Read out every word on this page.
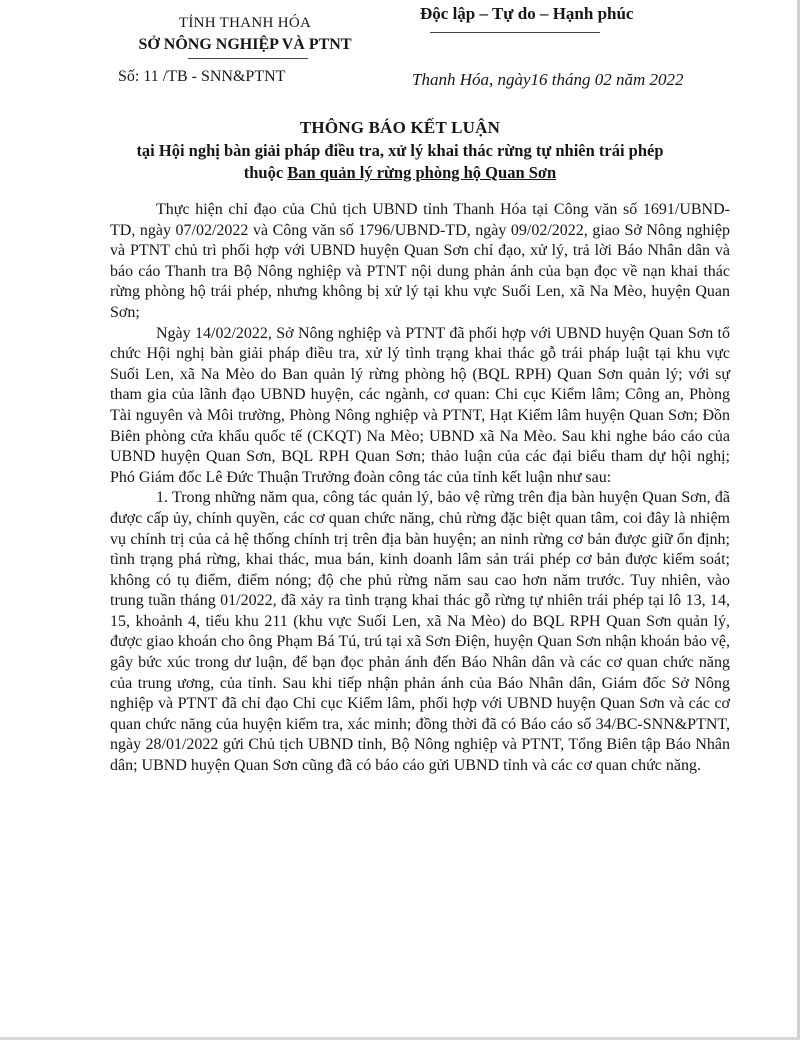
TỈNH THANH HÓA
SỞ NÔNG NGHIỆP VÀ PTNT
Độc lập – Tự do – Hạnh phúc
Số: 11 /TB - SNN&PTNT	Thanh Hóa, ngày16 tháng 02 năm 2022
THÔNG BÁO KẾT LUẬN
tại Hội nghị bàn giải pháp điều tra, xử lý khai thác rừng tự nhiên trái phép
thuộc Ban quản lý rừng phòng hộ Quan Sơn

Thực hiện chỉ đạo của Chủ tịch UBND tỉnh Thanh Hóa tại Công văn số 1691/UBND-TD, ngày 07/02/2022 và Công văn số 1796/UBND-TD, ngày 09/02/2022, giao Sở Nông nghiệp và PTNT chủ trì phối hợp với UBND huyện Quan Sơn chỉ đạo, xử lý, trả lời Báo Nhân dân và báo cáo Thanh tra Bộ Nông nghiệp và PTNT nội dung phản ánh của bạn đọc về nạn khai thác rừng phòng hộ trái phép, nhưng không bị xử lý tại khu vực Suối Len, xã Na Mèo, huyện Quan Sơn;

Ngày 14/02/2022, Sở Nông nghiệp và PTNT đã phối hợp với UBND huyện Quan Sơn tổ chức Hội nghị bàn giải pháp điều tra, xử lý tình trạng khai thác gỗ trái pháp luật tại khu vực Suối Len, xã Na Mèo do Ban quản lý rừng phòng hộ (BQL RPH) Quan Sơn quản lý; với sự tham gia của lãnh đạo UBND huyện, các ngành, cơ quan: Chi cục Kiểm lâm; Công an, Phòng Tài nguyên và Môi trường, Phòng Nông nghiệp và PTNT, Hạt Kiểm lâm huyện Quan Sơn; Đồn Biên phòng cửa khẩu quốc tế (CKQT) Na Mèo; UBND xã Na Mèo. Sau khi nghe báo cáo của UBND huyện Quan Sơn, BQL RPH Quan Sơn; thảo luận của các đại biểu tham dự hội nghị; Phó Giám đốc Lê Đức Thuận Trưởng đoàn công tác của tỉnh kết luận như sau:

1. Trong những năm qua, công tác quản lý, bảo vệ rừng trên địa bàn huyện Quan Sơn, đã được cấp ủy, chính quyền, các cơ quan chức năng, chủ rừng đặc biệt quan tâm, coi đây là nhiệm vụ chính trị của cả hệ thống chính trị trên địa bàn huyện; an ninh rừng cơ bản được giữ ổn định; tình trạng phá rừng, khai thác, mua bán, kinh doanh lâm sản trái phép cơ bản được kiểm soát; không có tụ điểm, điểm nóng; độ che phủ rừng năm sau cao hơn năm trước. Tuy nhiên, vào trung tuần tháng 01/2022, đã xảy ra tình trạng khai thác gỗ rừng tự nhiên trái phép tại lô 13, 14, 15, khoảnh 4, tiểu khu 211 (khu vực Suối Len, xã Na Mèo) do BQL RPH Quan Sơn quản lý, được giao khoán cho ông Phạm Bá Tú, trú tại xã Sơn Điện, huyện Quan Sơn nhận khoán bảo vệ, gây bức xúc trong dư luận, để bạn đọc phản ánh đến Báo Nhân dân và các cơ quan chức năng của trung ương, của tỉnh. Sau khi tiếp nhận phản ánh của Báo Nhân dân, Giám đốc Sở Nông nghiệp và PTNT đã chỉ đạo Chi cục Kiểm lâm, phối hợp với UBND huyện Quan Sơn và các cơ quan chức năng của huyện kiểm tra, xác minh; đồng thời đã có Báo cáo số 34/BC-SNN&PTNT, ngày 28/01/2022 gửi Chủ tịch UBND tỉnh, Bộ Nông nghiệp và PTNT, Tổng Biên tập Báo Nhân dân; UBND huyện Quan Sơn cũng đã có báo cáo gửi UBND tỉnh và các cơ quan chức năng.
